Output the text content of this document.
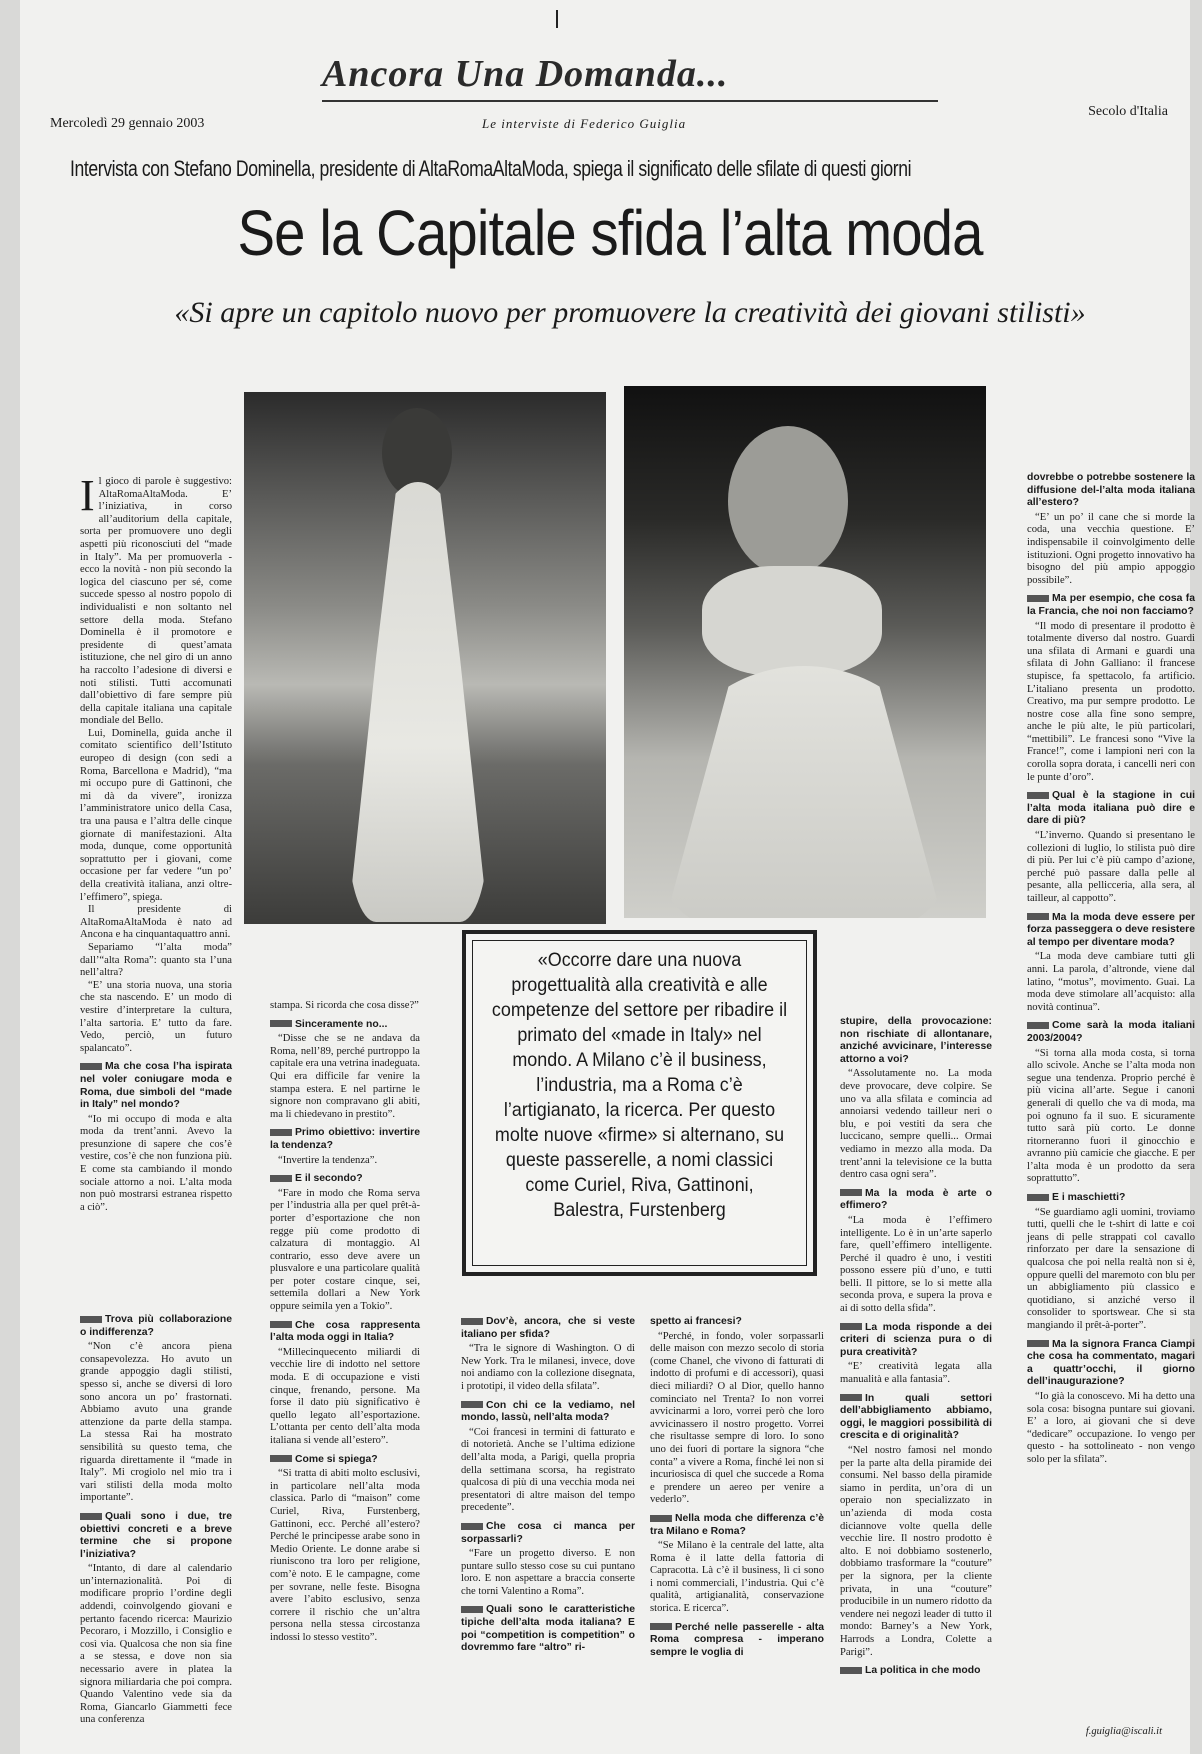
Ancora Una Domanda...
Le interviste di Federico Guiglia
Mercoledì 29 gennaio 2003
Secolo d'Italia
Intervista con Stefano Dominella, presidente di AltaRomaAltaModa, spiega il significato delle sfilate di questi giorni
Se la Capitale sfida l’alta moda
«Si apre un capitolo nuovo per promuovere la creatività dei giovani stilisti»
I l gioco di parole è suggestivo: AltaRomaAltaModa. E’ l’iniziativa, in corso all’auditorium della capitale, sorta per promuovere uno degli aspetti più riconosciuti del “made in Italy”. Ma per promuoverla - ecco la novità - non più secondo la logica del ciascuno per sé, come succede spesso al nostro popolo di individualisti e non soltanto nel settore della moda. Stefano Dominella è il promotore e presidente di quest’amata istituzione, che nel giro di un anno ha raccolto l’adesione di diversi e noti stilisti. Tutti accomunati dall’obiettivo di fare sempre più della capitale italiana una capitale mondiale del Bello.

Lui, Dominella, guida anche il comitato scientifico dell’Istituto europeo di design (con sedi a Roma, Barcellona e Madrid), “ma mi occupo pure di Gattinoni, che mi dà da vivere”, ironizza l’amministratore unico della Casa, tra una pausa e l’altra delle cinque giornate di manifestazioni. Alta moda, dunque, come opportunità soprattutto per i giovani, come occasione per far vedere “un po’ della creatività italiana, anzi oltre-l’effimero”, spiega.

Il presidente di AltaRomaAltaModa è nato ad Ancona e ha cinquantaquattro anni.

Separiamo “l’alta moda” dall’“alta Roma”: quanto sta l’una nell’altra?

“E’ una storia nuova, una storia che sta nascendo. E’ un modo di vestire d’interpretare la cultura, l’alta sartoria. E’ tutto da fare. Vedo, perciò, un futuro spalancato”.

Ma che cosa l’ha ispirata nel voler coniugare moda e Roma, due simboli del “made in Italy” nel mondo?

“Io mi occupo di moda e alta moda da trent’anni. Avevo la presunzione di sapere che cos’è vestire, cos’è che non funziona più. E come sta cambiando il mondo sociale attorno a noi. L’alta moda non può mostrarsi estranea rispetto a ciò”.

Trova più collaborazione o indifferenza?

“Non c’è ancora piena consapevolezza. Ho avuto un grande appoggio dagli stilisti, spesso si, anche se diversi di loro sono ancora un po’ frastornati. Abbiamo avuto una grande attenzione da parte della stampa. La stessa Rai ha mostrato sensibilità su questo tema, che riguarda direttamente il “made in Italy”. Mi crogiolo nel mio tra i vari stilisti della moda molto importante”.

Quali sono i due, tre obiettivi concreti e a breve termine che si propone l’iniziativa?

“Intanto, di dare al calendario un’internazionalità. Poi di modificare proprio l’ordine degli addendi, coinvolgendo giovani e pertanto facendo ricerca: Maurizio Pecoraro, i Mozzillo, i Consiglio e così via. Qualcosa che non sia fine a se stessa, e dove non sia necessario avere in platea la signora miliardaria che poi compra. Quando Valentino vede sia da Roma, Giancarlo Giammetti fece una conferenza

stampa. Si ricorda che cosa disse?”

Sinceramente no...

“Disse che se ne andava da Roma, nell’89, perché purtroppo la capitale era una vetrina inadeguata. Qui era difficile far venire la stampa estera. E nel partirne le signore non compravano gli abiti, ma li chiedevano in prestito”.

Primo obiettivo: invertire la tendenza?

“Invertire la tendenza”.

E il secondo?

“Fare in modo che Roma serva per l’industria alla per quel prêt-à-porter d’esportazione che non regge più come prodotto di calzatura di montaggio. Al contrario, esso deve avere un plusvalore e una particolare qualità per poter costare cinque, sei, settemila dollari a New York oppure seimila yen a Tokio”.

Che cosa rappresenta l’alta moda oggi in Italia?

“Millecinquecento miliardi di vecchie lire di indotto nel settore moda. E di occupazione e visti cinque, frenando, persone. Ma forse il dato più significativo è quello legato all’esportazione. L’ottanta per cento dell’alta moda italiana si vende all’estero”.

Come si spiega?

“Si tratta di abiti molto esclusivi, in particolare nell’alta moda classica. Parlo di “maison” come Curiel, Riva, Furstenberg, Gattinoni, ecc. Perché all’estero? Perché le principesse arabe sono in Medio Oriente. Le donne arabe si riuniscono tra loro per religione, com’è noto. E le campagne, come per sovrane, nelle feste. Bisogna avere l’abito esclusivo, senza correre il rischio che un’altra persona nella stessa circostanza indossi lo stesso vestito”.

«Occorre dare una nuova progettualità alla creatività e alle competenze del settore per ribadire il primato del «made in Italy» nel mondo. A Milano c’è il business, l’industria, ma a Roma c’è l’artigianato, la ricerca. Per questo molte nuove «firme» si alternano, su queste passerelle, a nomi classici come Curiel, Riva, Gattinoni, Balestra, Furstenberg
Dov’è, ancora, che si veste italiano per sfida?

“Tra le signore di Washington. O di New York. Tra le milanesi, invece, dove noi andiamo con la collezione disegnata, i prototipi, il video della sfilata”.

Con chi ce la vediamo, nel mondo, lassù, nell’alta moda?

“Coi francesi in termini di fatturato e di notorietà. Anche se l’ultima edizione dell’alta moda, a Parigi, quella propria della settimana scorsa, ha registrato qualcosa di più di una vecchia moda nei presentatori di altre maison del tempo precedente”.

Che cosa ci manca per sorpassarli?

“Fare un progetto diverso. E non puntare sullo stesso cose su cui puntano loro. E non aspettare a braccia conserte che torni Valentino a Roma”.

Quali sono le caratteristiche tipiche dell’alta moda italiana? E poi “competition is competition” o dovremmo fare “altro” ri-
spetto ai francesi?

“Perché, in fondo, voler sorpassarli delle maison con mezzo secolo di storia (come Chanel, che vivono di fatturati di indotto di profumi e di accessori), quasi dieci miliardi? O al Dior, quello hanno cominciato nel Trenta? Io non vorrei avvicinarmi a loro, vorrei però che loro avvicinassero il nostro progetto. Vorrei che risultasse sempre di loro. Io sono uno dei fuori di portare la signora “che conta” a vivere a Roma, finché lei non si incuriosisca di quel che succede a Roma e prendere un aereo per venire a vederlo”.

Nella moda che differenza c’è tra Milano e Roma?

“Se Milano è la centrale del latte, alta Roma è il latte della fattoria di Capracotta. Là c’è il business, lì ci sono i nomi commerciali, l’industria. Qui c’è qualità, artigianalità, conservazione storica. E ricerca”.

Perché nelle passerelle - alta Roma compresa - imperano sempre le voglia di
stupire, della provocazione: non rischiate di allontanare, anziché avvicinare, l’interesse attorno a voi?

“Assolutamente no. La moda deve provocare, deve colpire. Se uno va alla sfilata e comincia ad annoiarsi vedendo tailleur neri o blu, e poi vestiti da sera che luccicano, sempre quelli... Ormai vediamo in mezzo alla moda. Da trent’anni la televisione ce la butta dentro casa ogni sera”.

Ma la moda è arte o effimero?

“La moda è l’effimero intelligente. Lo è in un’arte saperlo fare, quell’effimero intelligente. Perché il quadro è uno, i vestiti possono essere più d’uno, e tutti belli. Il pittore, se lo si mette alla seconda prova, e supera la prova e ai di sotto della sfida”.

La moda risponde a dei criteri di scienza pura o di pura creatività?

“E’ creatività legata alla manualità e alla fantasia”.

In quali settori dell’abbigliamento abbiamo, oggi, le maggiori possibilità di crescita e di originalità?

“Nel nostro famosi nel mondo per la parte alta della piramide dei consumi. Nel basso della piramide siamo in perdita, un’ora di un operaio non specializzato in un’azienda di moda costa diciannove volte quella delle vecchie lire. Il nostro prodotto è alto. E noi dobbiamo sostenerlo, dobbiamo trasformare la “couture” per la signora, per la cliente privata, in una “couture” producibile in un numero ridotto da vendere nei negozi leader di tutto il mondo: Barney’s a New York, Harrods a Londra, Colette a Parigi”.

La politica in che modo
dovrebbe o potrebbe sostenere la diffusione del-l’alta moda italiana all’estero?

“E’ un po’ il cane che si morde la coda, una vecchia questione. E’ indispensabile il coinvolgimento delle istituzioni. Ogni progetto innovativo ha bisogno del più ampio appoggio possibile”.

Ma per esempio, che cosa fa la Francia, che noi non facciamo?

“Il modo di presentare il prodotto è totalmente diverso dal nostro. Guardi una sfilata di Armani e guardi una sfilata di John Galliano: il francese stupisce, fa spettacolo, fa artificio. L’italiano presenta un prodotto. Creativo, ma pur sempre prodotto. Le nostre cose alla fine sono sempre, anche le più alte, le più particolari, “mettibili”. Le francesi sono “Vive la France!”, come i lampioni neri con la corolla sopra dorata, i cancelli neri con le punte d’oro”.

Qual è la stagione in cui l’alta moda italiana può dire e dare di più?

“L’inverno. Quando si presentano le collezioni di luglio, lo stilista può dire di più. Per lui c’è più campo d’azione, perché può passare dalla pelle al pesante, alla pellicceria, alla sera, al tailleur, al cappotto”.

Ma la moda deve essere per forza passeggera o deve resistere al tempo per diventare moda?

“La moda deve cambiare tutti gli anni. La parola, d’altronde, viene dal latino, “motus”, movimento. Guai. La moda deve stimolare all’acquisto: alla novità continua”.

Come sarà la moda italiani 2003/2004?

“Si torna alla moda costa, si torna allo scivole. Anche se l’alta moda non segue una tendenza. Proprio perché è più vicina all’arte. Segue i canoni generali di quello che va di moda, ma poi ognuno fa il suo. E sicuramente tutto sarà più corto. Le donne ritorneranno fuori il ginocchio e avranno più camicie che giacche. E per l’alta moda è un prodotto da sera soprattutto”.

E i maschietti?

“Se guardiamo agli uomini, troviamo tutti, quelli che le t-shirt di latte e coi jeans di pelle strappati col cavallo rinforzato per dare la sensazione di qualcosa che poi nella realtà non si è, oppure quelli del maremoto con blu per un abbigliamento più classico e quotidiano, si anziché verso il consolider to sportswear. Che si sta mangiando il prêt-à-porter”.

Ma la signora Franca Ciampi che cosa ha commentato, magari a quattr’occhi, il giorno dell’inaugurazione?

“Io già la conoscevo. Mi ha detto una sola cosa: bisogna puntare sui giovani. E’ a loro, ai giovani che si deve “dedicare” occupazione. Io vengo per questo - ha sottolineato - non vengo solo per la sfilata”.

f.guiglia@iscali.it
